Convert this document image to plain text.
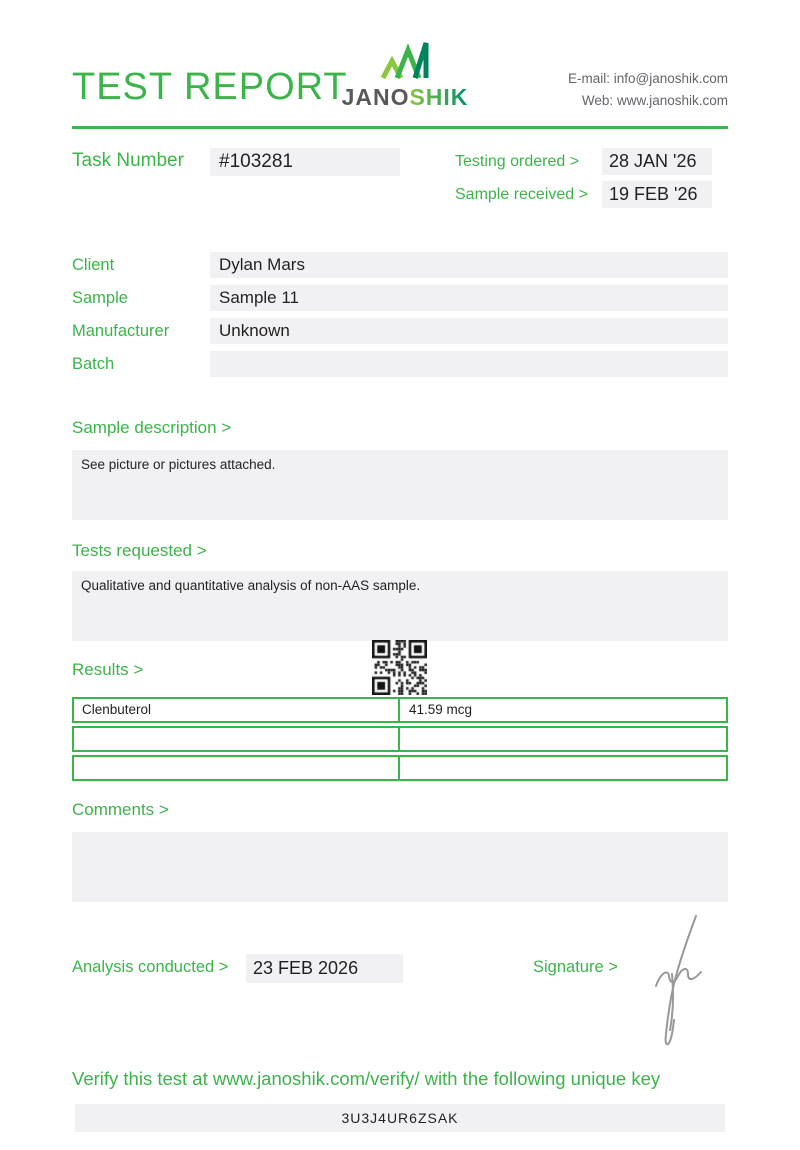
TEST REPORT
JANOSHIK
E-mail: info@janoshik.com
Web: www.janoshik.com
Task Number	#103281	Testing ordered >	28 JAN '26
Sample received >	19 FEB '26
Client	Dylan Mars
Sample	Sample 11
Manufacturer	Unknown
Batch
Sample description >
See picture or pictures attached.
Tests requested >
Qualitative and quantitative analysis of non-AAS sample.
Results >
Clenbuterol	41.59 mcg
Comments >
Analysis conducted >	23 FEB 2026	Signature >
Verify this test at www.janoshik.com/verify/ with the following unique key
3U3J4UR6ZSAK
